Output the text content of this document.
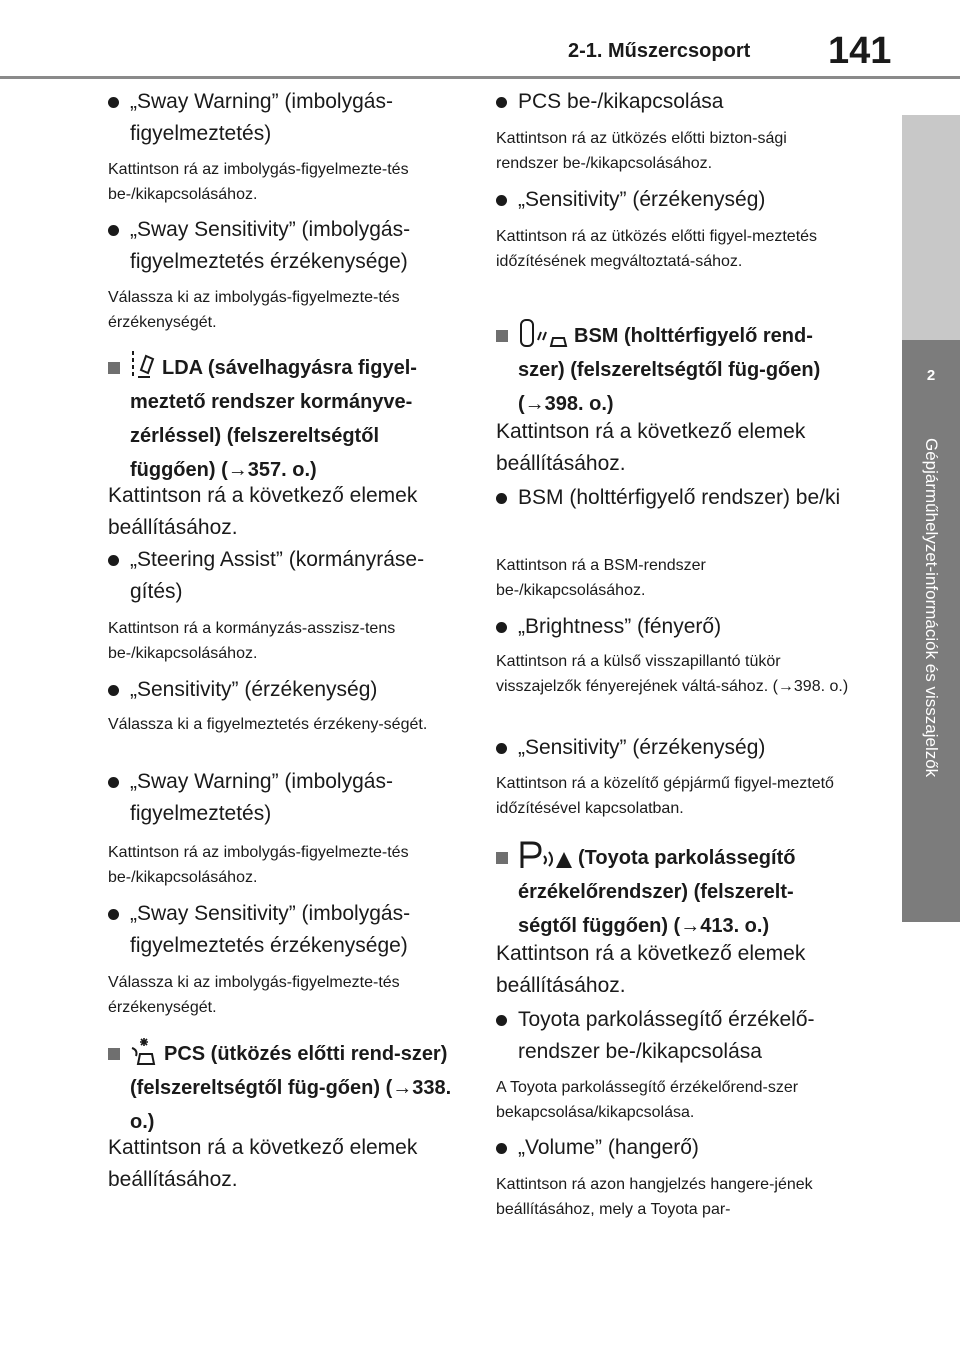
2-1. Műszercsoport 141
2
Gépjárműhelyzet-információk és visszajelzők
„Sway Warning” (imbolygás-figyelmeztetés)
Kattintson rá az imbolygás-figyelmezte-tés be-/kikapcsolásához.
„Sway Sensitivity” (imbolygás-figyelmeztetés érzékenysége)
Válassza ki az imbolygás-figyelmezte-tés érzékenységét.
LDA (sávelhagyásra figyel-meztető rendszer kormányve-zérléssel) (felszereltségtől függően) (→357. o.)
Kattintson rá a következő elemek beállításához.
„Steering Assist” (kormányráse-gítés)
Kattintson rá a kormányzás-asszisz-tens be-/kikapcsolásához.
„Sensitivity” (érzékenység)
Válassza ki a figyelmeztetés érzékeny-ségét.
„Sway Warning” (imbolygás-figyelmeztetés)
Kattintson rá az imbolygás-figyelmezte-tés be-/kikapcsolásához.
„Sway Sensitivity” (imbolygás-figyelmeztetés érzékenysége)
Válassza ki az imbolygás-figyelmezte-tés érzékenységét.
PCS (ütközés előtti rend-szer) (felszereltségtől füg-gően) (→338. o.)
Kattintson rá a következő elemek beállításához.
PCS be-/kikapcsolása
Kattintson rá az ütközés előtti bizton-sági rendszer be-/kikapcsolásához.
„Sensitivity” (érzékenység)
Kattintson rá az ütközés előtti figyel-meztetés időzítésének megváltoztatá-sához.
BSM (holttérfigyelő rend-szer) (felszereltségtől füg-gően) (→398. o.)
Kattintson rá a következő elemek beállításához.
BSM (holttérfigyelő rendszer) be/ki
Kattintson rá a BSM-rendszer be-/kikapcsolásához.
„Brightness” (fényerő)
Kattintson rá a külső visszapillantó tükör visszajelzők fényerejének váltá-sához. (→398. o.)
„Sensitivity” (érzékenység)
Kattintson rá a közelítő gépjármű figyel-meztető időzítésével kapcsolatban.
(Toyota parkolássegítő érzékelőrendszer) (felszerelt-ségtől függően) (→413. o.)
Kattintson rá a következő elemek beállításához.
Toyota parkolássegítő érzékelő-rendszer be-/kikapcsolása
A Toyota parkolássegítő érzékelőrend-szer bekapcsolása/kikapcsolása.
„Volume” (hangerő)
Kattintson rá azon hangjelzés hangere-jének beállításához, mely a Toyota par-
